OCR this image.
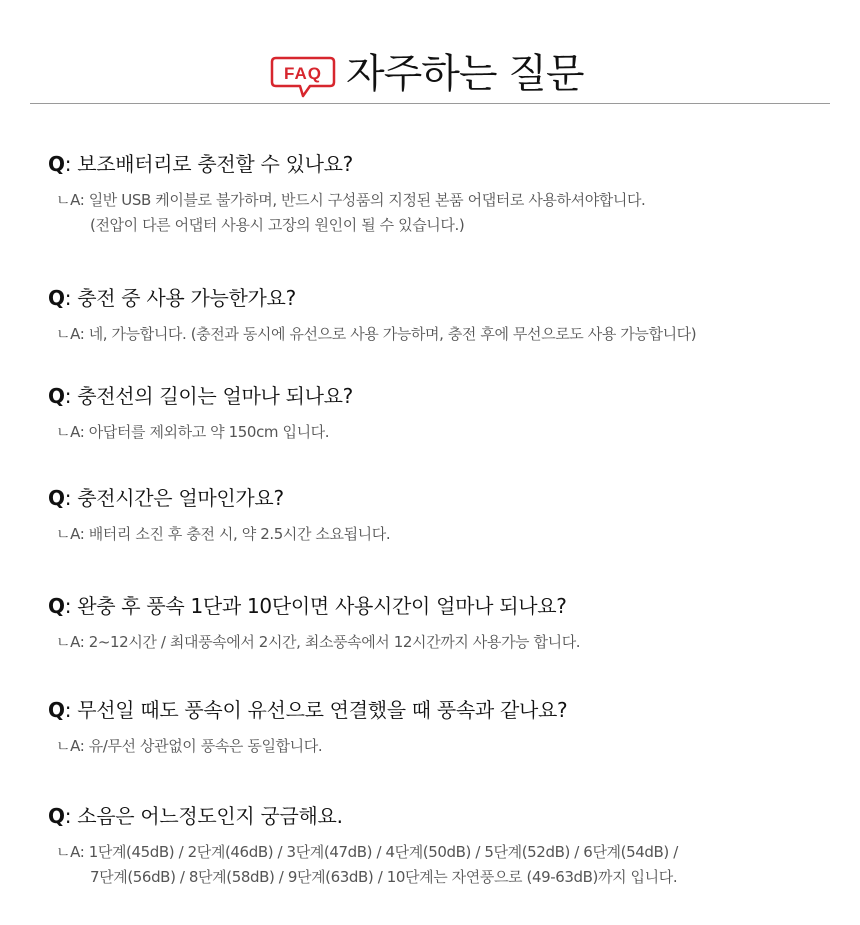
FAQ 자주하는 질문
Q: 보조배터리로 충전할 수 있나요?
ㄴA: 일반 USB 케이블로 불가하며, 반드시 구성품의 지정된 본품 어댑터로 사용하셔야합니다.
(전압이 다른 어댑터 사용시 고장의 원인이 될 수 있습니다.)
Q: 충전 중 사용 가능한가요?
ㄴA: 네, 가능합니다. (충전과 동시에 유선으로 사용 가능하며, 충전 후에 무선으로도 사용 가능합니다)
Q: 충전선의 길이는 얼마나 되나요?
ㄴA: 아답터를 제외하고 약 150cm 입니다.
Q: 충전시간은 얼마인가요?
ㄴA: 배터리 소진 후 충전 시, 약 2.5시간 소요됩니다.
Q: 완충 후 풍속 1단과 10단이면 사용시간이 얼마나 되나요?
ㄴA: 2~12시간 / 최대풍속에서 2시간, 최소풍속에서 12시간까지 사용가능 합니다.
Q: 무선일 때도 풍속이 유선으로 연결했을 때 풍속과 같나요?
ㄴA: 유/무선 상관없이 풍속은 동일합니다.
Q: 소음은 어느정도인지 궁금해요.
ㄴA: 1단계(45dB) / 2단계(46dB) / 3단계(47dB) / 4단계(50dB) / 5단계(52dB) / 6단계(54dB) /
7단계(56dB) / 8단계(58dB) / 9단계(63dB) / 10단계는 자연풍으로 (49-63dB)까지 입니다.
